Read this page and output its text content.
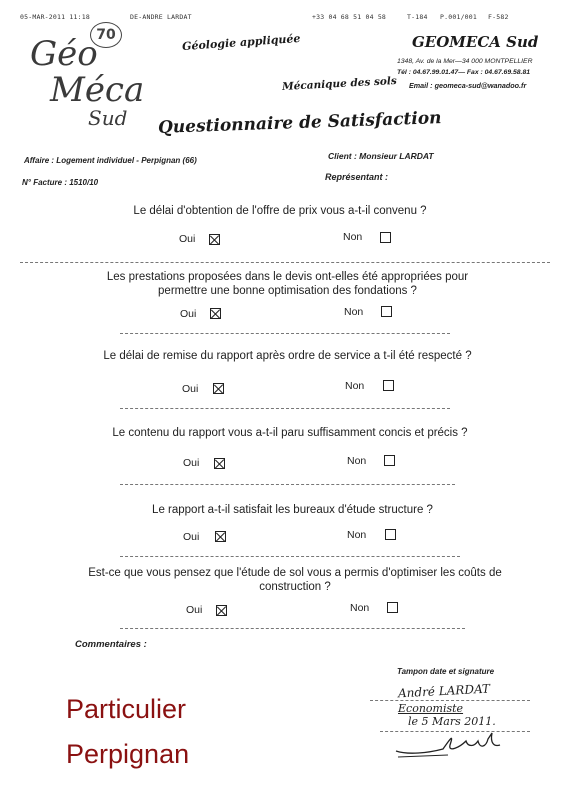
05-MAR-2011 11:18	DE-ANDRE LARDAT	+33 04 68 51 04 58	T-184 P.001/001 F-582
70
Géo
Méca
Sud
Géologie appliquée
Mécanique des sols
GEOMECA Sud
1348, Av. de la Mer—34 000 MONTPELLIER
Tél : 04.67.99.01.47— Fax : 04.67.69.58.81
Email : geomeca-sud@wanadoo.fr
Questionnaire de Satisfaction
Affaire : Logement individuel - Perpignan (66)	Client : Monsieur LARDAT
N° Facture : 1510/10
Représentant :
Le délai d'obtention de l'offre de prix vous a-t-il convenu ?
Oui	Non
Les prestations proposées dans le devis ont-elles été appropriées pour permettre une bonne optimisation des fondations ?
Oui	Non
Le délai de remise du rapport après ordre de service a t-il été respecté ?
Oui	Non
Le contenu du rapport vous a-t-il paru suffisamment concis et précis ?
Oui	Non
Le rapport a-t-il satisfait les bureaux d'étude structure ?
Oui	Non
Est-ce que vous pensez que l'étude de sol vous a permis d'optimiser les coûts de construction ?
Oui	Non
Commentaires :
Tampon date et signature
André LARDAT
Economiste
le 5 Mars 2011.
Particulier
Perpignan
